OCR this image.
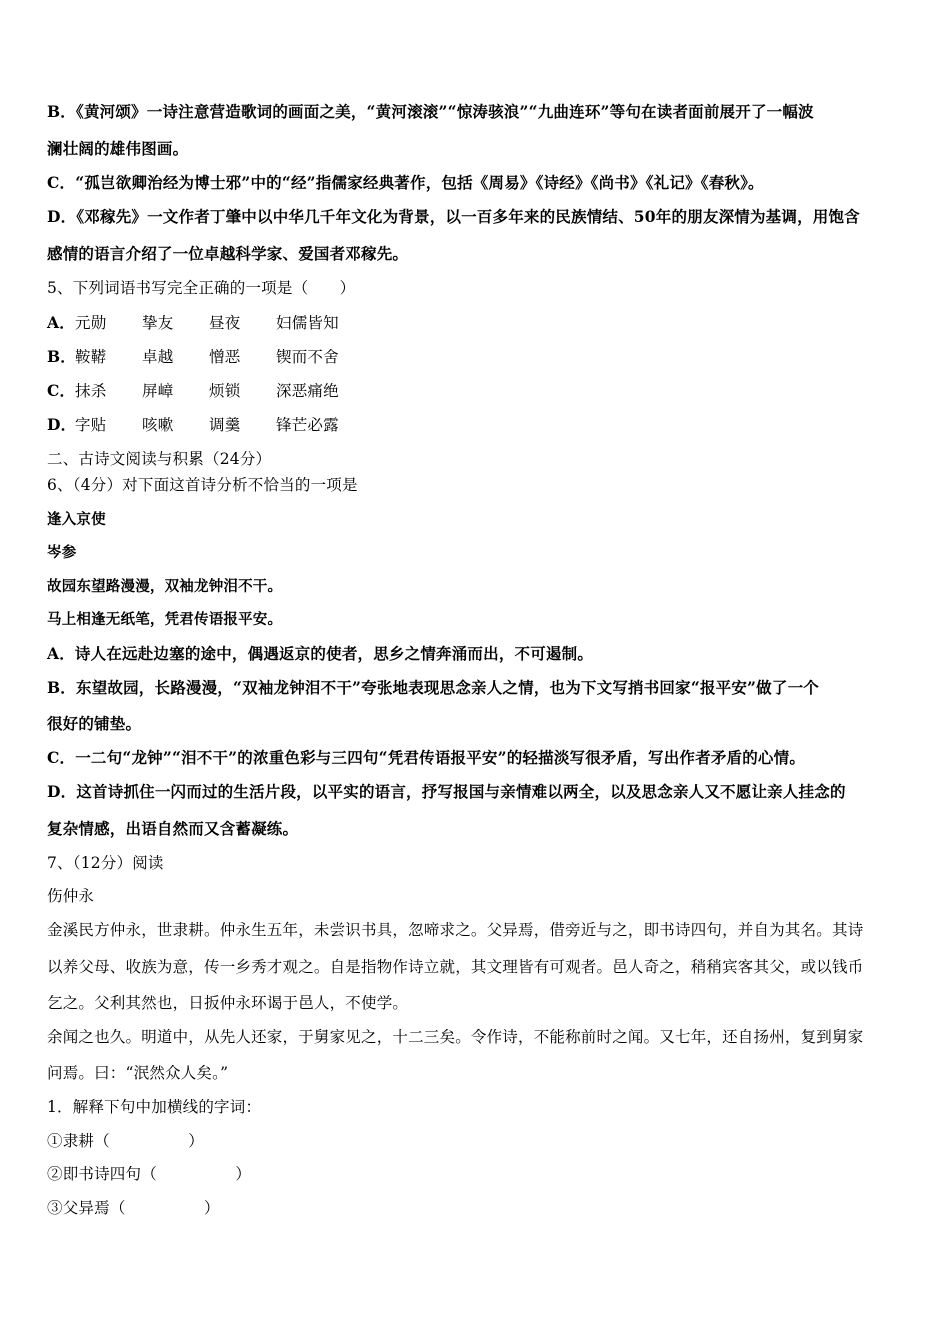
B．《黄河颂》一诗注意营造歌词的画面之美，“黄河滚滚”“惊涛骇浪”“九曲连环”等句在读者面前展开了一幅波
澜壮阔的雄伟图画。
C．“孤岂欲卿治经为博士邪”中的“经”指儒家经典著作，包括《周易》《诗经》《尚书》《礼记》《春秋》。
D．《邓稼先》一文作者丁肇中以中华几千年文化为背景，以一百多年来的民族情结、50年的朋友深情为基调，用饱含
感情的语言介绍了一位卓越科学家、爱国者邓稼先。
5、下列词语书写完全正确的一项是（　　）
A．元勋 挚友 昼夜 妇儒皆知
B．鞍鞯 卓越 憎恶 锲而不舍
C．抹杀 屏嶂 烦锁 深恶痛绝
D．字贴 咳嗽 调羹 锋芒必露
二、古诗文阅读与积累（24分）
6、（4分）对下面这首诗分析不恰当的一项是
逢入京使
岑参
故园东望路漫漫，双袖龙钟泪不干。
马上相逢无纸笔，凭君传语报平安。
A．诗人在远赴边塞的途中，偶遇返京的使者，思乡之情奔涌而出，不可遏制。
B．东望故园，长路漫漫，“双袖龙钟泪不干”夸张地表现思念亲人之情，也为下文写捎书回家“报平安”做了一个
很好的铺垫。
C．一二句“龙钟”“泪不干”的浓重色彩与三四句“凭君传语报平安”的轻描淡写很矛盾，写出作者矛盾的心情。
D．这首诗抓住一闪而过的生活片段，以平实的语言，抒写报国与亲情难以两全，以及思念亲人又不愿让亲人挂念的
复杂情感，出语自然而又含蓄凝练。
7、（12分）阅读
伤仲永
金溪民方仲永，世隶耕。仲永生五年，未尝识书具，忽啼求之。父异焉，借旁近与之，即书诗四句，并自为其名。其诗
以养父母、收族为意，传一乡秀才观之。自是指物作诗立就，其文理皆有可观者。邑人奇之，稍稍宾客其父，或以钱币
乞之。父利其然也，日扳仲永环谒于邑人，不使学。
余闻之也久。明道中，从先人还家，于舅家见之，十二三矣。令作诗，不能称前时之闻。又七年，还自扬州，复到舅家
问焉。曰：“泯然众人矣。”
1．解释下句中加横线的字词：
①隶耕（　　　　　）
②即书诗四句（　　　　　）
③父异焉（　　　　　）
